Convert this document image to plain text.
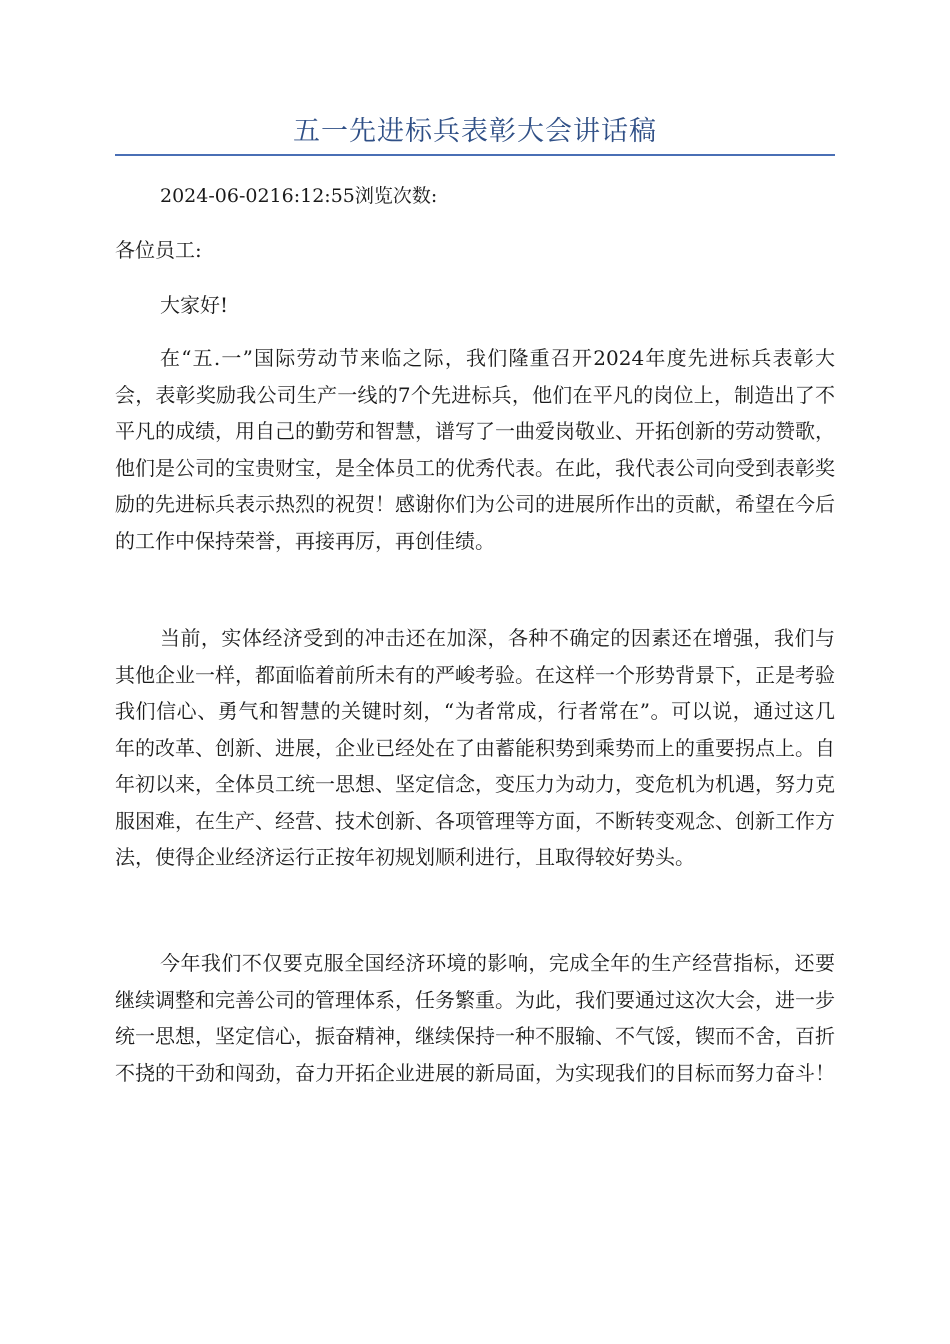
五一先进标兵表彰大会讲话稿
2024-06-0216:12:55浏览次数:

各位员工:

大家好!

在“五.一”国际劳动节来临之际，我们隆重召开2024年度先进标兵表彰大会，表彰奖励我公司生产一线的7个先进标兵，他们在平凡的岗位上，制造出了不平凡的成绩，用自己的勤劳和智慧，谱写了一曲爱岗敬业、开拓创新的劳动赞歌，他们是公司的宝贵财宝，是全体员工的优秀代表。在此，我代表公司向受到表彰奖励的先进标兵表示热烈的祝贺！感谢你们为公司的进展所作出的贡献，希望在今后的工作中保持荣誉，再接再厉，再创佳绩。

当前，实体经济受到的冲击还在加深，各种不确定的因素还在增强，我们与其他企业一样，都面临着前所未有的严峻考验。在这样一个形势背景下，正是考验我们信心、勇气和智慧的关键时刻，“为者常成，行者常在”。可以说，通过这几年的改革、创新、进展，企业已经处在了由蓄能积势到乘势而上的重要拐点上。自年初以来，全体员工统一思想、坚定信念，变压力为动力，变危机为机遇，努力克服困难，在生产、经营、技术创新、各项管理等方面，不断转变观念、创新工作方法，使得企业经济运行正按年初规划顺利进行，且取得较好势头。

今年我们不仅要克服全国经济环境的影响，完成全年的生产经营指标，还要继续调整和完善公司的管理体系，任务繁重。为此，我们要通过这次大会，进一步统一思想，坚定信心，振奋精神，继续保持一种不服输、不气馁，锲而不舍，百折不挠的干劲和闯劲，奋力开拓企业进展的新局面，为实现我们的目标而努力奋斗！
